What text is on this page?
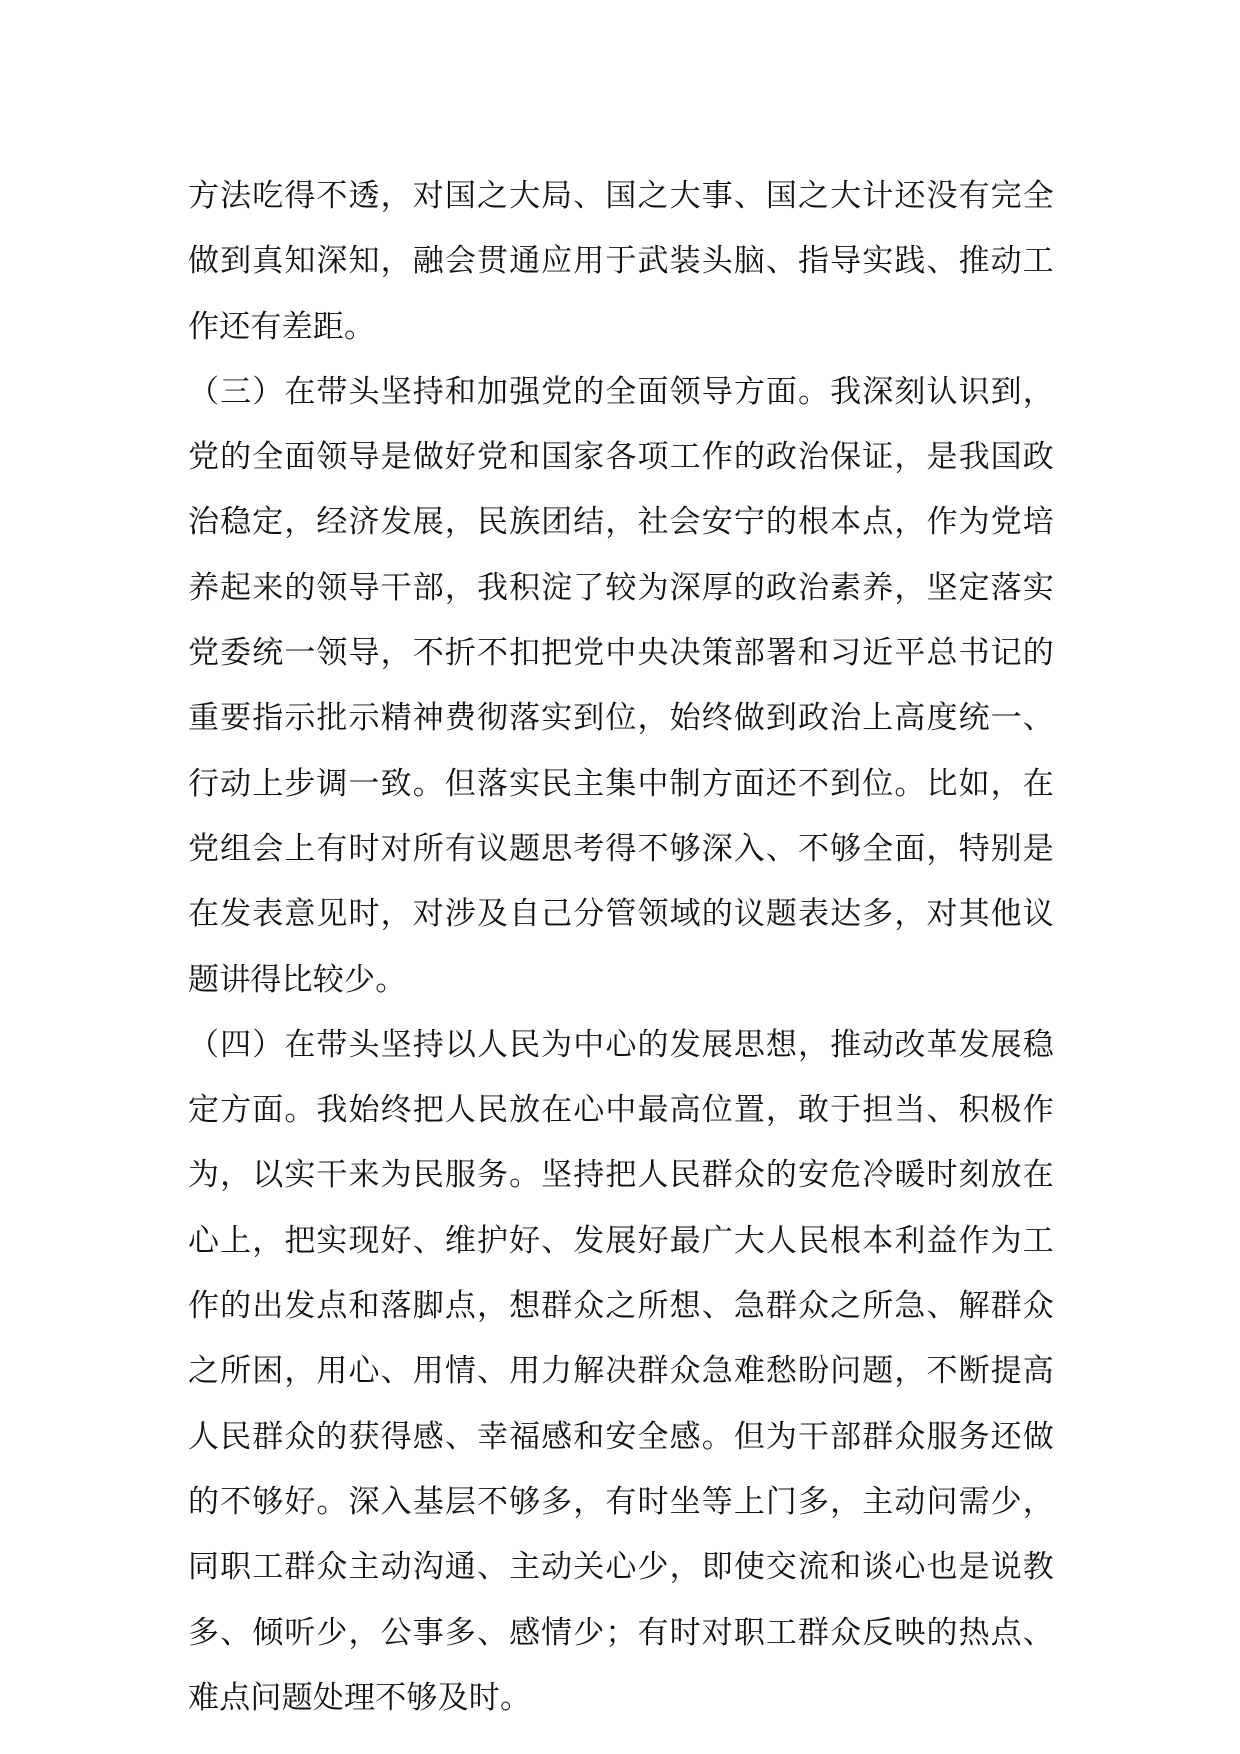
方法吃得不透，对国之大局、国之大事、国之大计还没有完全做到真知深知，融会贯通应用于武装头脑、指导实践、推动工作还有差距。

（三）在带头坚持和加强党的全面领导方面。我深刻认识到，党的全面领导是做好党和国家各项工作的政治保证，是我国政治稳定，经济发展，民族团结，社会安宁的根本点，作为党培养起来的领导干部，我积淀了较为深厚的政治素养，坚定落实党委统一领导，不折不扣把党中央决策部署和习近平总书记的重要指示批示精神费彻落实到位，始终做到政治上高度统一、行动上步调一致。但落实民主集中制方面还不到位。比如，在党组会上有时对所有议题思考得不够深入、不够全面，特别是在发表意见时，对涉及自己分管领域的议题表达多，对其他议题讲得比较少。

（四）在带头坚持以人民为中心的发展思想，推动改革发展稳定方面。我始终把人民放在心中最高位置，敢于担当、积极作为，以实干来为民服务。坚持把人民群众的安危冷暖时刻放在心上，把实现好、维护好、发展好最广大人民根本利益作为工作的出发点和落脚点，想群众之所想、急群众之所急、解群众之所困，用心、用情、用力解决群众急难愁盼问题，不断提高人民群众的获得感、幸福感和安全感。但为干部群众服务还做的不够好。深入基层不够多，有时坐等上门多，主动问需少，同职工群众主动沟通、主动关心少，即使交流和谈心也是说教多、倾听少，公事多、感情少；有时对职工群众反映的热点、难点问题处理不够及时。
